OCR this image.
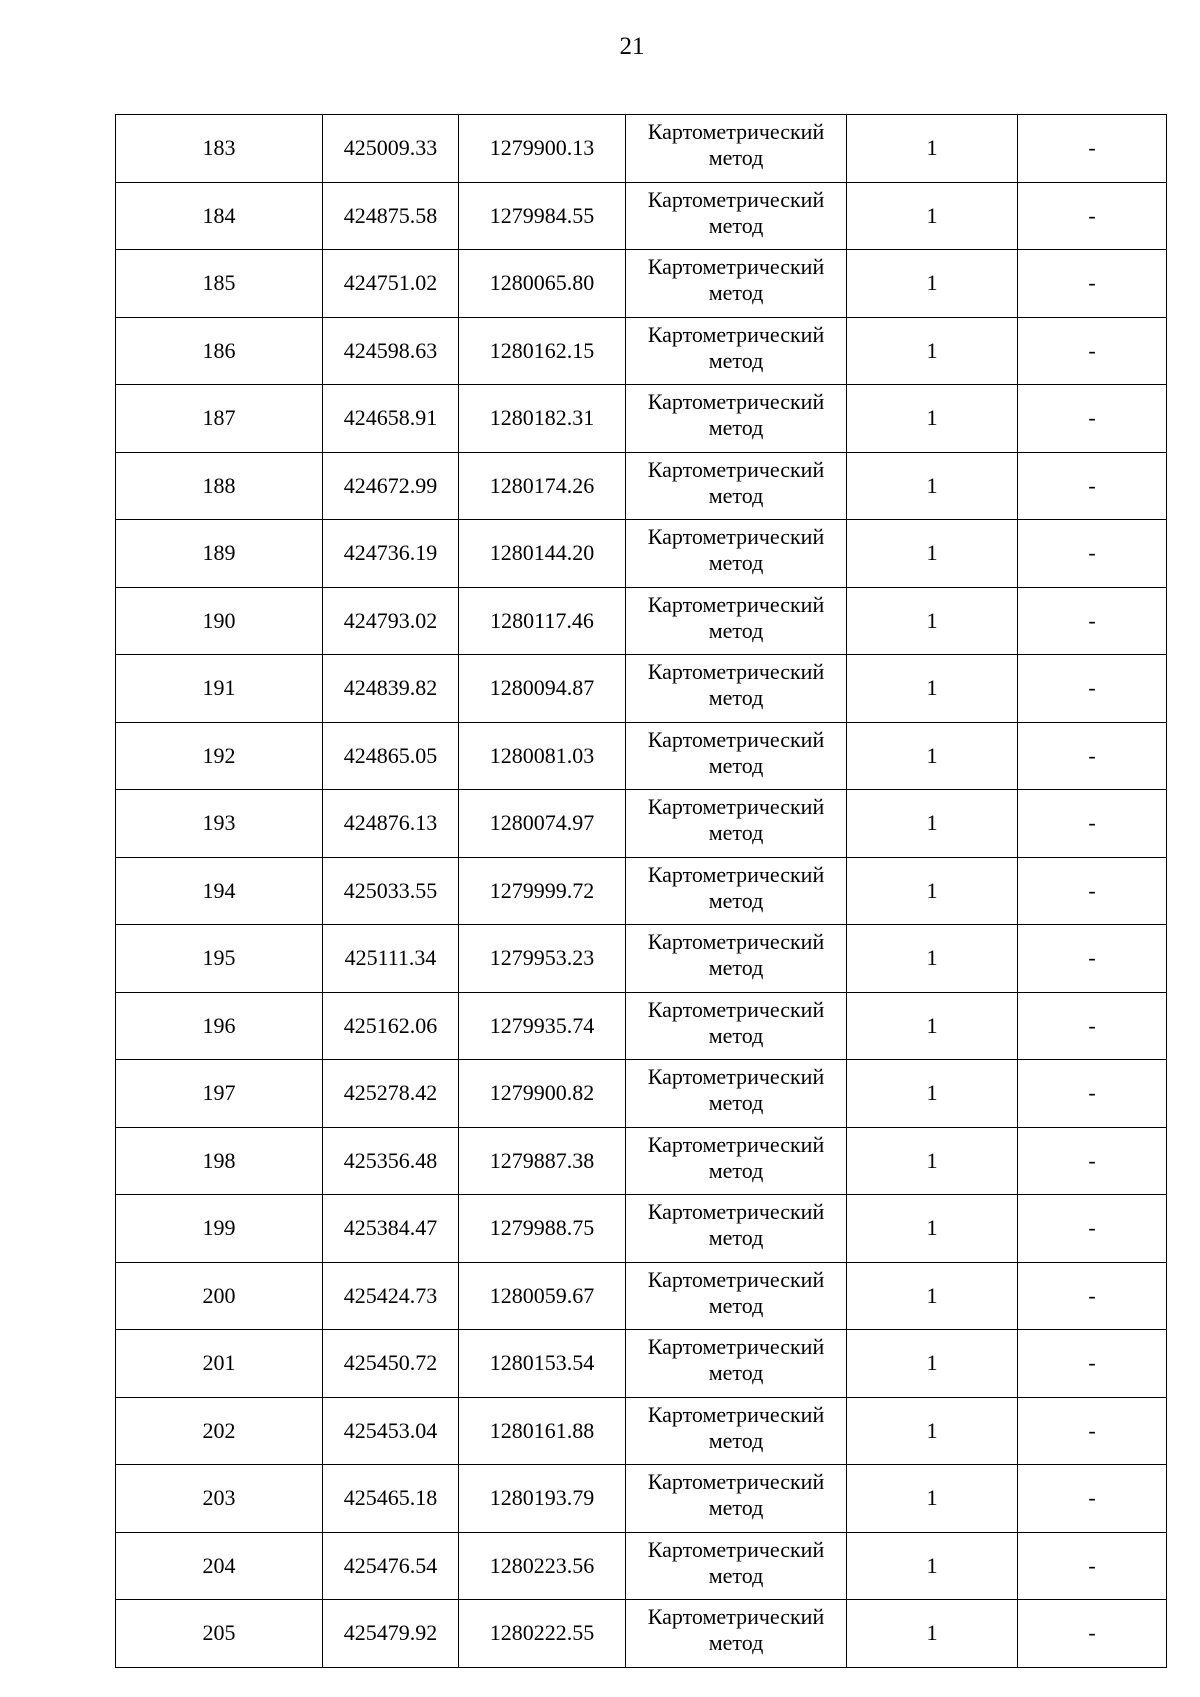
21
183	425009.33	1279900.13	Картометрический метод	1	-
184	424875.58	1279984.55	Картометрический метод	1	-
185	424751.02	1280065.80	Картометрический метод	1	-
186	424598.63	1280162.15	Картометрический метод	1	-
187	424658.91	1280182.31	Картометрический метод	1	-
188	424672.99	1280174.26	Картометрический метод	1	-
189	424736.19	1280144.20	Картометрический метод	1	-
190	424793.02	1280117.46	Картометрический метод	1	-
191	424839.82	1280094.87	Картометрический метод	1	-
192	424865.05	1280081.03	Картометрический метод	1	-
193	424876.13	1280074.97	Картометрический метод	1	-
194	425033.55	1279999.72	Картометрический метод	1	-
195	425111.34	1279953.23	Картометрический метод	1	-
196	425162.06	1279935.74	Картометрический метод	1	-
197	425278.42	1279900.82	Картометрический метод	1	-
198	425356.48	1279887.38	Картометрический метод	1	-
199	425384.47	1279988.75	Картометрический метод	1	-
200	425424.73	1280059.67	Картометрический метод	1	-
201	425450.72	1280153.54	Картометрический метод	1	-
202	425453.04	1280161.88	Картометрический метод	1	-
203	425465.18	1280193.79	Картометрический метод	1	-
204	425476.54	1280223.56	Картометрический метод	1	-
205	425479.92	1280222.55	Картометрический метод	1	-
